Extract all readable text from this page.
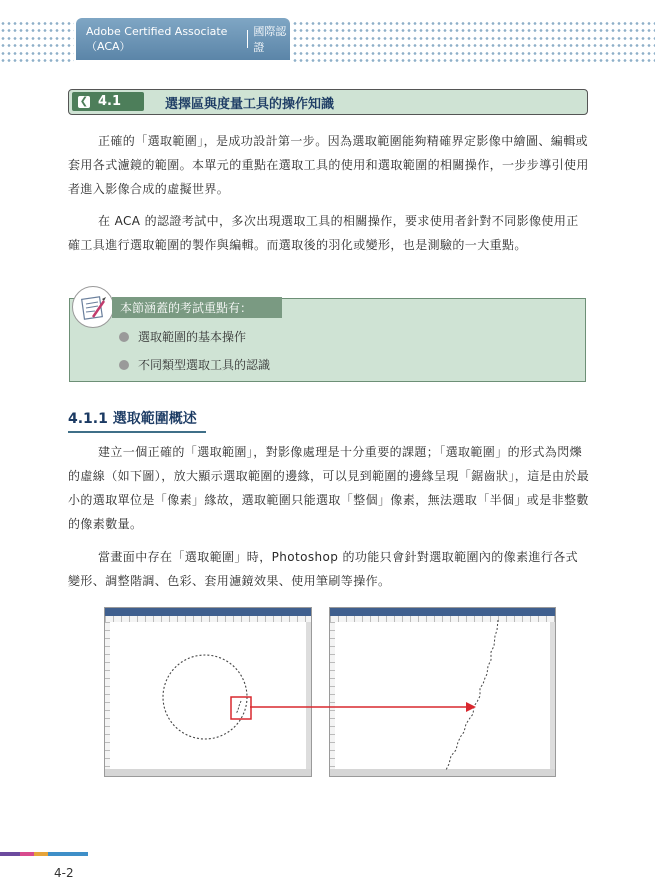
Adobe Certified Associate（ACA）
國際認證
❮ 4.1	選擇區與度量工具的操作知識
正確的「選取範圍」，是成功設計第一步。因為選取範圍能夠精確界定影像中繪圖、編輯或套用各式濾鏡的範圍。本單元的重點在選取工具的使用和選取範圍的相關操作，一步步導引使用者進入影像合成的虛擬世界。
在 ACA 的認證考試中，多次出現選取工具的相關操作，要求使用者針對不同影像使用正確工具進行選取範圍的製作與編輯。而選取後的羽化或變形，也是測驗的一大重點。
本節涵蓋的考試重點有：
選取範圍的基本操作
不同類型選取工具的認識
4.1.1 選取範圍概述
建立一個正確的「選取範圍」，對影像處理是十分重要的課題；「選取範圍」的形式為閃爍的虛線（如下圖），放大顯示選取範圍的邊緣，可以見到範圍的邊緣呈現「鋸齒狀」，這是由於最小的選取單位是「像素」緣故，選取範圍只能選取「整個」像素，無法選取「半個」或是非整數的像素數量。
當畫面中存在「選取範圍」時，Photoshop 的功能只會針對選取範圍內的像素進行各式變形、調整階調、色彩、套用濾鏡效果、使用筆刷等操作。
4-2
